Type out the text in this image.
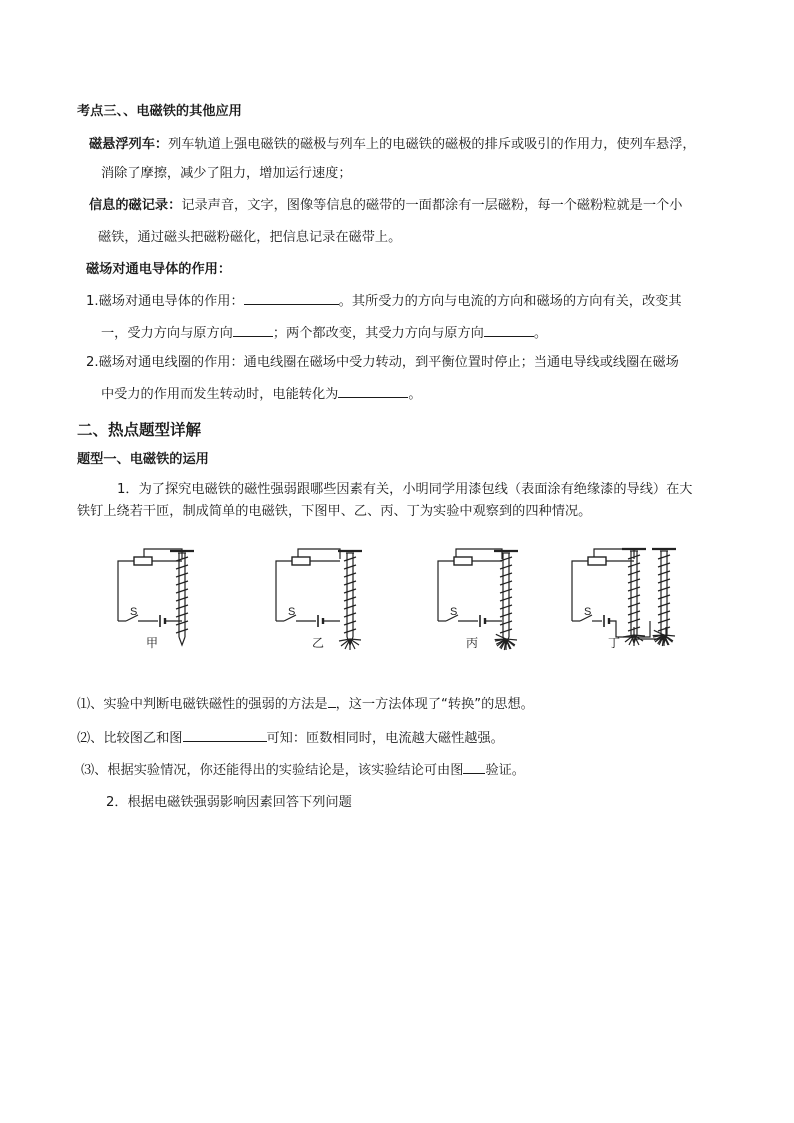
考点三、、电磁铁的其他应用
磁悬浮列车：列车轨道上强电磁铁的磁极与列车上的电磁铁的磁极的排斥或吸引的作用力，使列车悬浮，
消除了摩擦，减少了阻力，增加运行速度；
信息的磁记录：记录声音，文字，图像等信息的磁带的一面都涂有一层磁粉，每一个磁粉粒就是一个小
磁铁，通过磁头把磁粉磁化，把信息记录在磁带上。
磁场对通电导体的作用：
1.磁场对通电导体的作用：	。其所受力的方向与电流的方向和磁场的方向有关，改变其
一，受力方向与原方向	；两个都改变，其受力方向与原方向	。
2.磁场对通电线圈的作用：通电线圈在磁场中受力转动，到平衡位置时停止；当通电导线或线圈在磁场
中受力的作用而发生转动时，电能转化为	。
二、热点题型详解
题型一、电磁铁的运用
1．为了探究电磁铁的磁性强弱跟哪些因素有关，小明同学用漆包线（表面涂有绝缘漆的导线）在大
铁钉上绕若干匝，制成简单的电磁铁，下图甲、乙、丙、丁为实验中观察到的四种情况。
S
甲
S
乙
S
丙
S
丁
⑴、实验中判断电磁铁磁性的强弱的方法是 ，这一方法体现了“转换”的思想。
⑵、比较图乙和图	可知：匝数相同时，电流越大磁性越强。
⑶、根据实验情况，你还能得出的实验结论是，该实验结论可由图 验证。
2．根据电磁铁强弱影响因素回答下列问题
